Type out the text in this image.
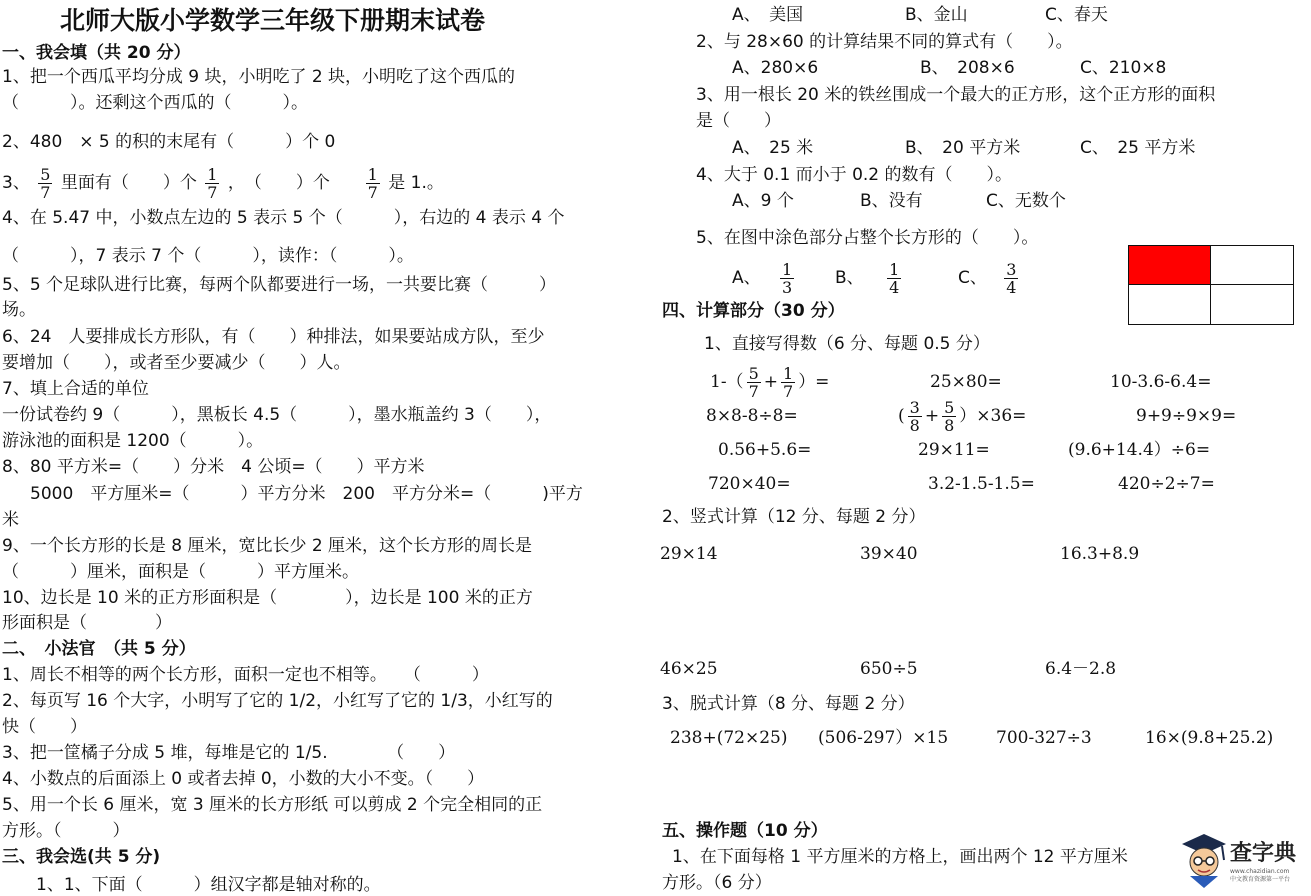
北师大版小学数学三年级下册期末试卷
一、我会填（共 20 分）
1、把一个西瓜平均分成 9 块，小明吃了 2 块，小明吃了这个西瓜的
（　　　）。还剩这个西瓜的（　　　）。
2、480　× 5 的积的末尾有（　　　）个 0
3、 $\frac{5}{7}$ 里面有（　　）个 $\frac{1}{7}$ ，　（　　）个 $\frac{1}{7}$ 是 1.。
4、在 5.47 中，小数点左边的 5 表示 5 个（　　　），右边的 4 表示 4 个
（　　　），7 表示 7 个（　　　），读作：（　　　）。
5、5 个足球队进行比赛，每两个队都要进行一场，一共要比赛（　　　）
场。
6、24　人要排成长方形队，有（　　）种排法，如果要站成方队，至少
要增加（　　），或者至少要减少（　　）人。
7、填上合适的单位
一份试卷约 9（　　　），黑板长 4.5（　　　），墨水瓶盖约 3（　　），
游泳池的面积是 1200（　　　）。
8、80 平方米=（　　）分米　4 公顷=（　　）平方米
5000　平方厘米=（　　　）平方分米　200　平方分米=（　　　)平方
米
9、一个长方形的长是 8 厘米，宽比长少 2 厘米，这个长方形的周长是
（　　　）厘米，面积是（　　　）平方厘米。
10、边长是 10 米的正方形面积是（　　　　），边长是 100 米的正方
形面积是（　　　　）
二、　小法官　（共 5 分）
1、周长不相等的两个长方形，面积一定也不相等。　　（　　　）
2、每页写 16 个大字，小明写了它的 1/2，小红写了它的 1/3，小红写的
快（　　）
3、把一筐橘子分成 5 堆，每堆是它的 1/5.　　　　（　　）
4、小数点的后面添上 0 或者去掉 0，小数的大小不变。（　　）
5、用一个长 6 厘米，宽 3 厘米的长方形纸 可以剪成 2 个完全相同的正
方形。（　　　）
三、我会选(共 5 分)
1、1、下面（　　　）组汉字都是轴对称的。
A、　美国	B、金山	C、春天
2、与 28×60 的计算结果不同的算式有（　　）。
A、280×6	B、　208×6	C、210×8
3、用一根长 20 米的铁丝围成一个最大的正方形，这个正方形的面积
是（　　）
A、　25 米	B、　20 平方米	C、　25 平方米
4、大于 0.1 而小于 0.2 的数有（　　）。
A、9 个	B、没有	C、无数个
5、在图中涂色部分占整个长方形的（　　）。
A、 $\frac{1}{3}$ B、 $\frac{1}{4}$	C、 $\frac{3}{4}$
四、计算部分（30 分）
1、直接写得数（6 分、每题 0.5 分）
$1-( \frac{5}{7} + \frac{1}{7}$ ）=	25×80=	10-3.6-6.4=
8×8-8÷8=	( $\frac{3}{8} + \frac{5}{8} )\times 36=$	9+9÷9×9=
0.56+5.6=	29×11=	(9.6+14.4）÷6=
720×40=	3.2-1.5-1.5=	420÷2÷7=
2、竖式计算（12 分、每题 2 分）
29×14	39×40	16.3+8.9
46×25	650÷5	6.4－2.8
3、脱式计算（8 分、每题 2 分）
238+(72×25) (506-297）×15	700-327÷3	16×(9.8+25.2)
五、操作题（10 分）
1、在下面每格 1 平方厘米的方格上，画出两个 12 平方厘米
方形。（6 分）
查字典
www.chazidian.com
中文教育资源第一平台
